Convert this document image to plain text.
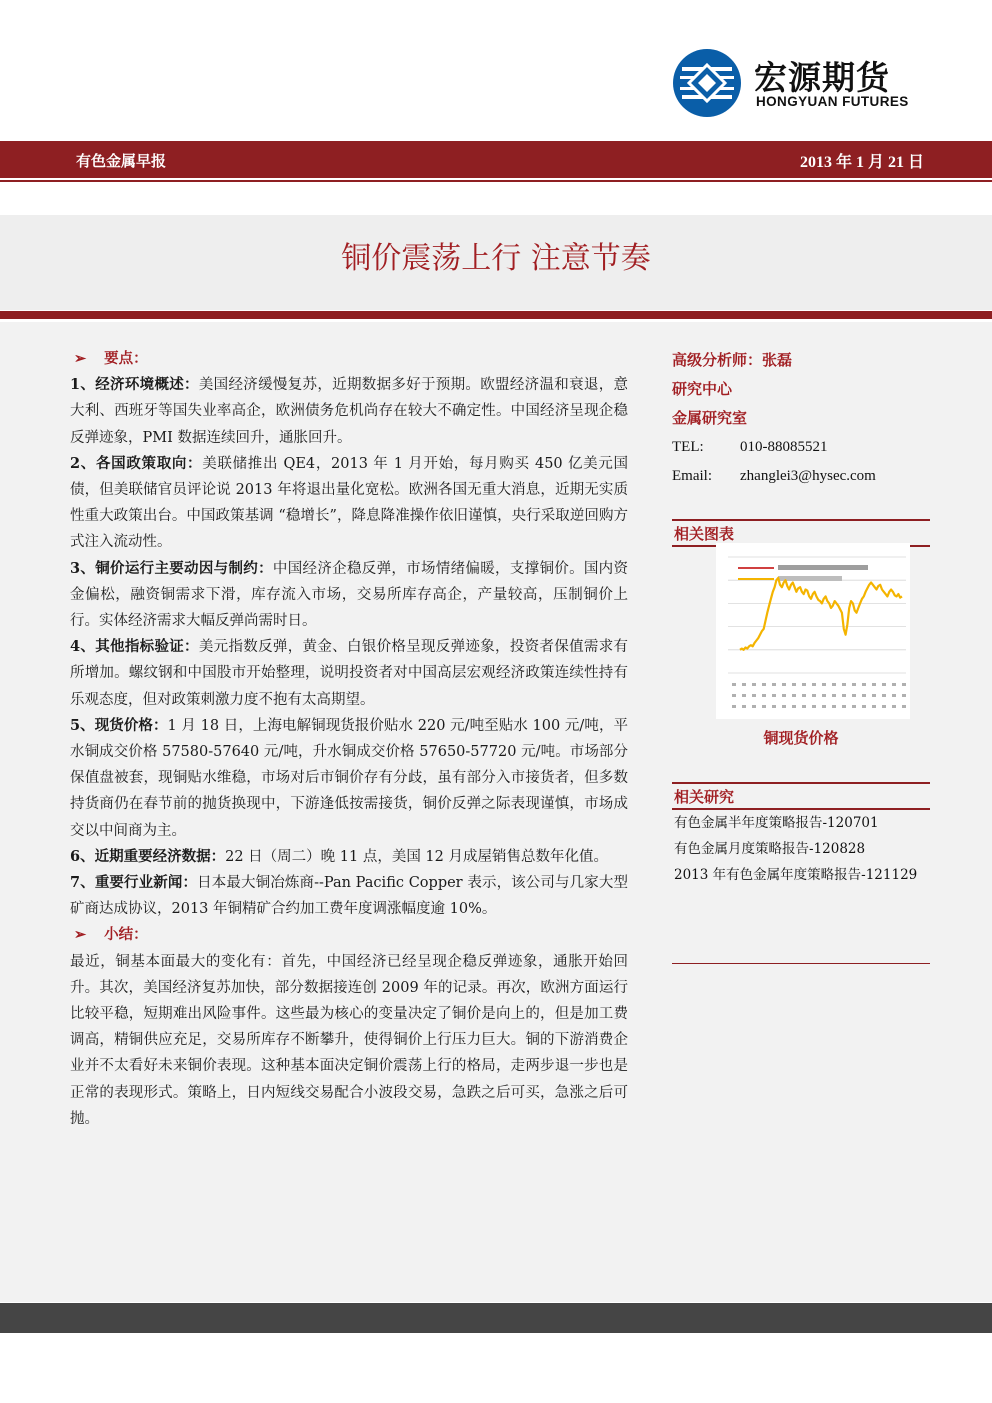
宏源期货
HONGYUAN FUTURES
有色金属早报	2013 年 1 月 21 日
铜价震荡上行 注意节奏

➢ 要点：

1、经济环境概述：美国经济缓慢复苏，近期数据多好于预期。欧盟经济温和衰退，意大利、西班牙等国失业率高企，欧洲债务危机尚存在较大不确定性。中国经济呈现企稳反弹迹象，PMI 数据连续回升，通胀回升。

2、各国政策取向：美联储推出 QE4，2013 年 1 月开始，每月购买 450 亿美元国债，但美联储官员评论说 2013 年将退出量化宽松。欧洲各国无重大消息，近期无实质性重大政策出台。中国政策基调 “稳增长”，降息降准操作依旧谨慎，央行采取逆回购方式注入流动性。

3、铜价运行主要动因与制约：中国经济企稳反弹，市场情绪偏暖，支撑铜价。国内资金偏松，融资铜需求下滑，库存流入市场，交易所库存高企，产量较高，压制铜价上行。实体经济需求大幅反弹尚需时日。

4、其他指标验证：美元指数反弹，黄金、白银价格呈现反弹迹象，投资者保值需求有所增加。螺纹钢和中国股市开始整理，说明投资者对中国高层宏观经济政策连续性持有乐观态度，但对政策刺激力度不抱有太高期望。

5、现货价格：1 月 18 日，上海电解铜现货报价贴水 220 元/吨至贴水 100 元/吨，平水铜成交价格 57580-57640 元/吨，升水铜成交价格 57650-57720 元/吨。市场部分保值盘被套，现铜贴水维稳，市场对后市铜价存有分歧，虽有部分入市接货者，但多数持货商仍在春节前的抛货换现中，下游逢低按需接货，铜价反弹之际表现谨慎，市场成交以中间商为主。

6、近期重要经济数据：22 日（周二）晚 11 点，美国 12 月成屋销售总数年化值。

7、重要行业新闻：日本最大铜冶炼商--Pan Pacific Copper 表示，该公司与几家大型矿商达成协议，2013 年铜精矿合约加工费年度调涨幅度逾 10%。

➢ 小结：

最近，铜基本面最大的变化有：首先，中国经济已经呈现企稳反弹迹象，通胀开始回升。其次，美国经济复苏加快，部分数据接连创 2009 年的记录。再次，欧洲方面运行比较平稳，短期难出风险事件。这些最为核心的变量决定了铜价是向上的，但是加工费调高，精铜供应充足，交易所库存不断攀升，使得铜价上行压力巨大。铜的下游消费企业并不太看好未来铜价表现。这种基本面决定铜价震荡上行的格局，走两步退一步也是正常的表现形式。策略上，日内短线交易配合小波段交易，急跌之后可买，急涨之后可抛。

高级分析师：张磊
研究中心
金属研究室
TEL: 010-88085521
Email: zhanglei3@hysec.com
相关图表
铜现货价格
相关研究
有色金属半年度策略报告-120701
有色金属月度策略报告-120828
2013 年有色金属年度策略报告-121129
